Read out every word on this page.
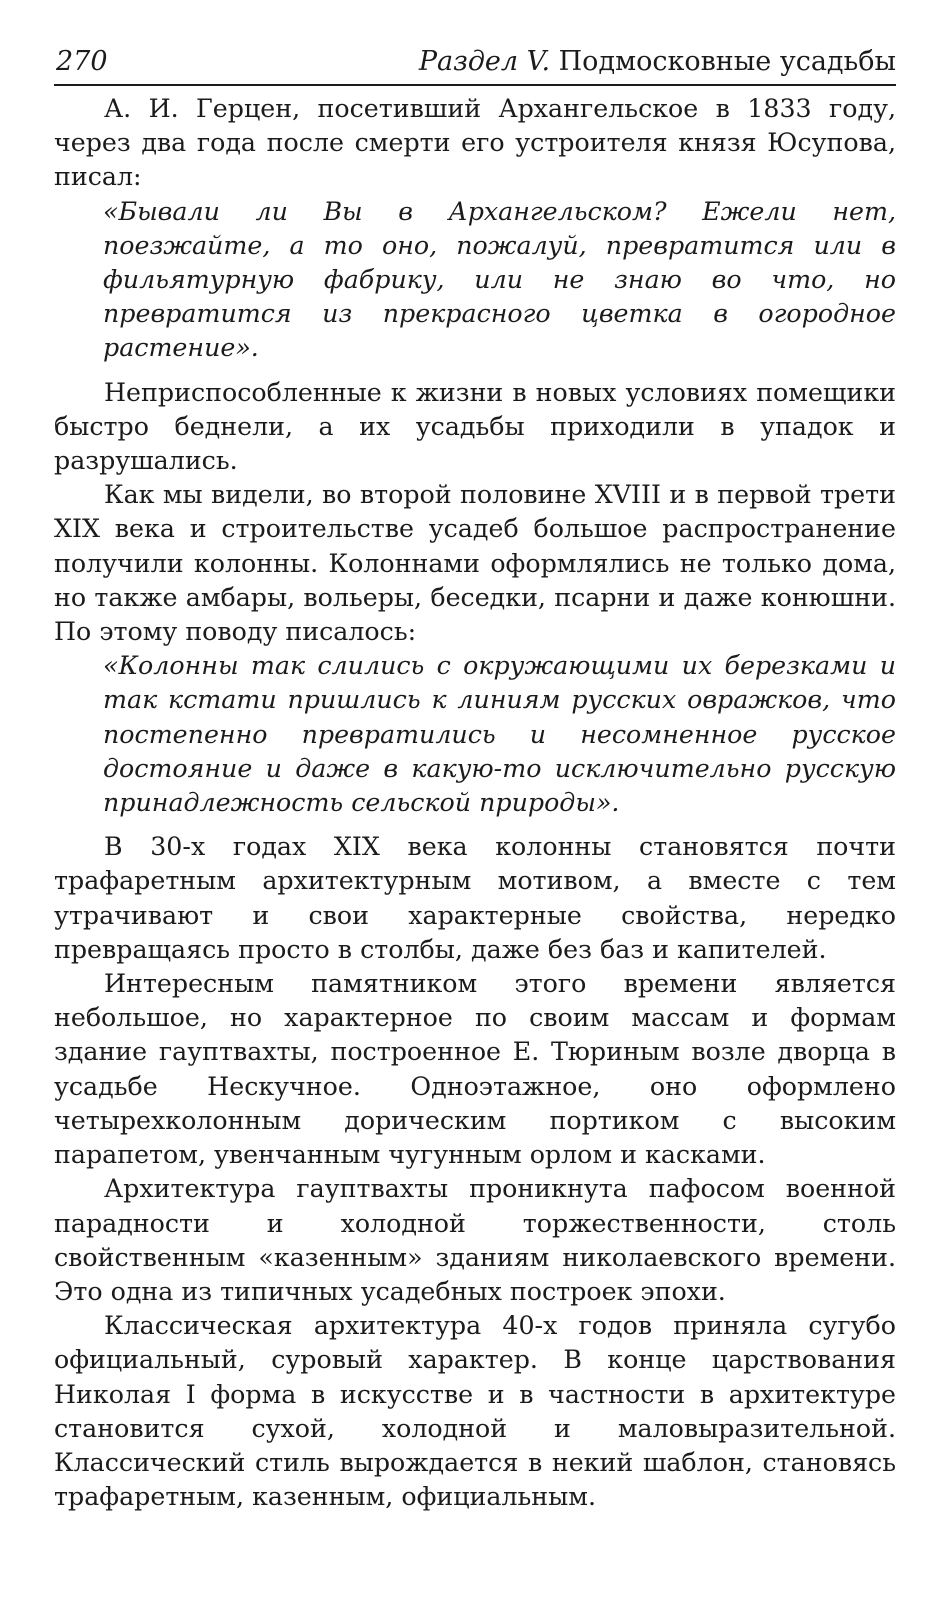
270	Раздел V. Подмосковные усадьбы

А. И. Герцен, посетивший Архангельское в 1833 году, через два года после смерти его устроителя князя Юсупова, писал:

«Бывали ли Вы в Архангельском? Ежели нет, поезжайте, а то оно, пожалуй, превратится или в фильятурную фабрику, или не знаю во что, но превратится из прекрасного цветка в огородное растение».

Неприспособленные к жизни в новых условиях помещики быстро беднели, а их усадьбы приходили в упадок и разрушались.

Как мы видели, во второй половине XVIII и в первой трети XIX века и строительстве усадеб большое распространение получили колонны. Колоннами оформлялись не только дома, но также амбары, вольеры, беседки, псарни и даже конюшни. По этому поводу писалось:

«Колонны так слились с окружающими их березками и так кстати пришлись к линиям русских овражков, что постепенно превратились и несомненное русское достояние и даже в какую-то исключительно русскую принадлежность сельской природы».

В 30-х годах XIX века колонны становятся почти трафаретным архитектурным мотивом, а вместе с тем утрачивают и свои характерные свойства, нередко превращаясь просто в столбы, даже без баз и капителей.

Интересным памятником этого времени является небольшое, но характерное по своим массам и формам здание гауптвахты, построенное Е. Тюриным возле дворца в усадьбе Нескучное. Одноэтажное, оно оформлено четырехколонным дорическим портиком с высоким парапетом, увенчанным чугунным орлом и касками.

Архитектура гауптвахты проникнута пафосом военной парадности и холодной торжественности, столь свойственным «казенным» зданиям николаевского времени. Это одна из типичных усадебных построек эпохи.

Классическая архитектура 40-х годов приняла сугубо официальный, суровый характер. В конце царствования Николая I форма в искусстве и в частности в архитектуре становится сухой, холодной и маловыразительной. Классический стиль вырождается в некий шаблон, становясь трафаретным, казенным, официальным.
